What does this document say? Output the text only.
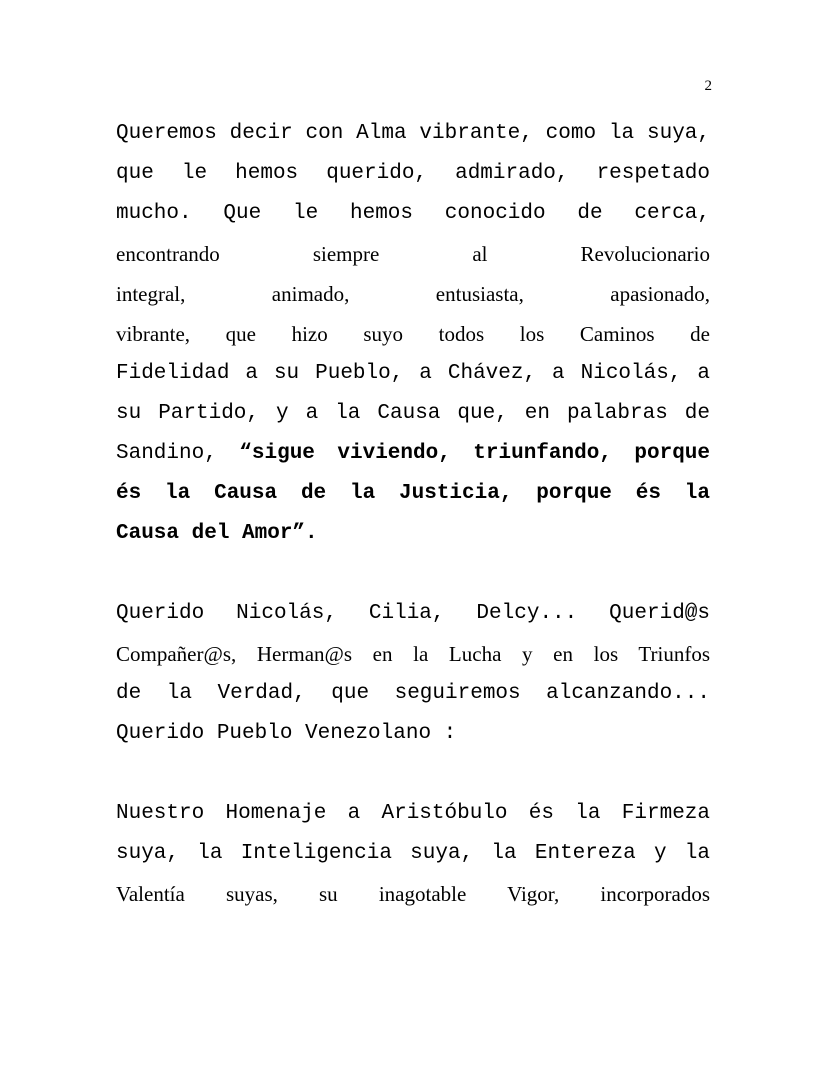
2
Queremos decir con Alma vibrante, como la suya,
que le hemos querido, admirado, respetado
mucho. Que le hemos conocido de cerca,
encontrando siempre al Revolucionario
integral, animado, entusiasta, apasionado,
vibrante, que hizo suyo todos los Caminos de
Fidelidad a su Pueblo, a Chávez, a Nicolás, a
su Partido, y a la Causa que, en palabras de
Sandino, “sigue viviendo, triunfando, porque
és la Causa de la Justicia, porque és la
Causa del Amor”.
Querido Nicolás, Cilia, Delcy... Querid@s
Compañer@s, Herman@s en la Lucha y en los Triunfos
de la Verdad, que seguiremos alcanzando...
Querido Pueblo Venezolano :
Nuestro Homenaje a Aristóbulo és la Firmeza
suya, la Inteligencia suya, la Entereza y la
Valentía suyas, su inagotable Vigor, incorporados
